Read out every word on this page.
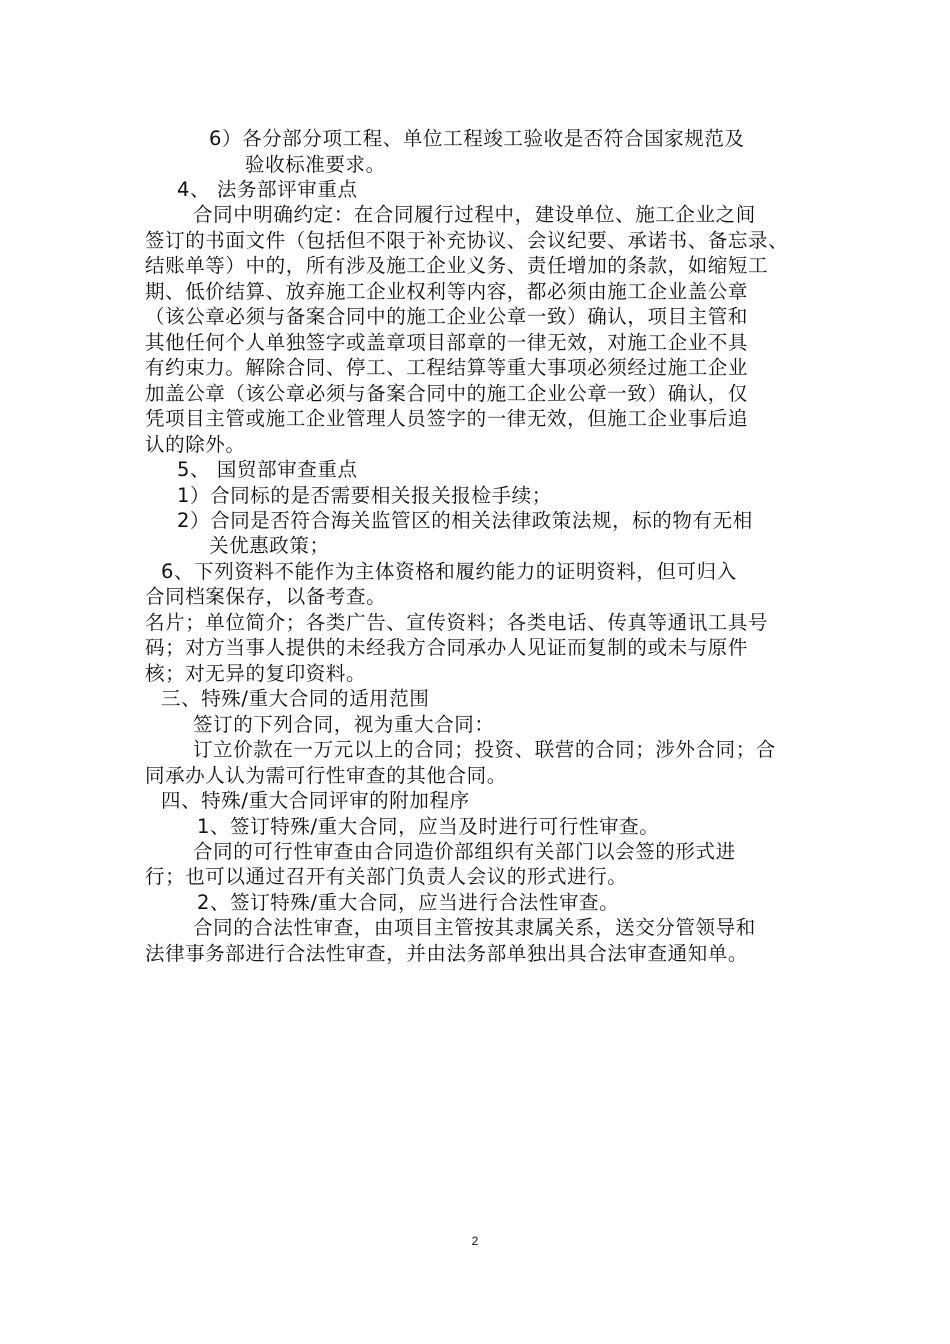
6）各分部分项工程、单位工程竣工验收是否符合国家规范及
验收标准要求。
4、 法务部评审重点
合同中明确约定：在合同履行过程中，建设单位、施工企业之间
签订的书面文件（包括但不限于补充协议、会议纪要、承诺书、备忘录、
结账单等）中的，所有涉及施工企业义务、责任增加的条款，如缩短工
期、低价结算、放弃施工企业权利等内容，都必须由施工企业盖公章
（该公章必须与备案合同中的施工企业公章一致）确认，项目主管和
其他任何个人单独签字或盖章项目部章的一律无效，对施工企业不具
有约束力。解除合同、停工、工程结算等重大事项必须经过施工企业
加盖公章（该公章必须与备案合同中的施工企业公章一致）确认，仅
凭项目主管或施工企业管理人员签字的一律无效，但施工企业事后追
认的除外。
5、 国贸部审查重点
1）合同标的是否需要相关报关报检手续；
2）合同是否符合海关监管区的相关法律政策法规，标的物有无相
关优惠政策；
6、下列资料不能作为主体资格和履约能力的证明资料，但可归入
合同档案保存，以备考查。
名片；单位简介；各类广告、宣传资料；各类电话、传真等通讯工具号
码；对方当事人提供的未经我方合同承办人见证而复制的或未与原件
核；对无异的复印资料。
三、特殊/重大合同的适用范围
签订的下列合同，视为重大合同：
订立价款在一万元以上的合同；投资、联营的合同；涉外合同；合
同承办人认为需可行性审查的其他合同。
四、特殊/重大合同评审的附加程序
1、签订特殊/重大合同，应当及时进行可行性审查。
合同的可行性审查由合同造价部组织有关部门以会签的形式进
行；也可以通过召开有关部门负责人会议的形式进行。
2、签订特殊/重大合同，应当进行合法性审查。
合同的合法性审查，由项目主管按其隶属关系，送交分管领导和
法律事务部进行合法性审查，并由法务部单独出具合法审查通知单。
2
